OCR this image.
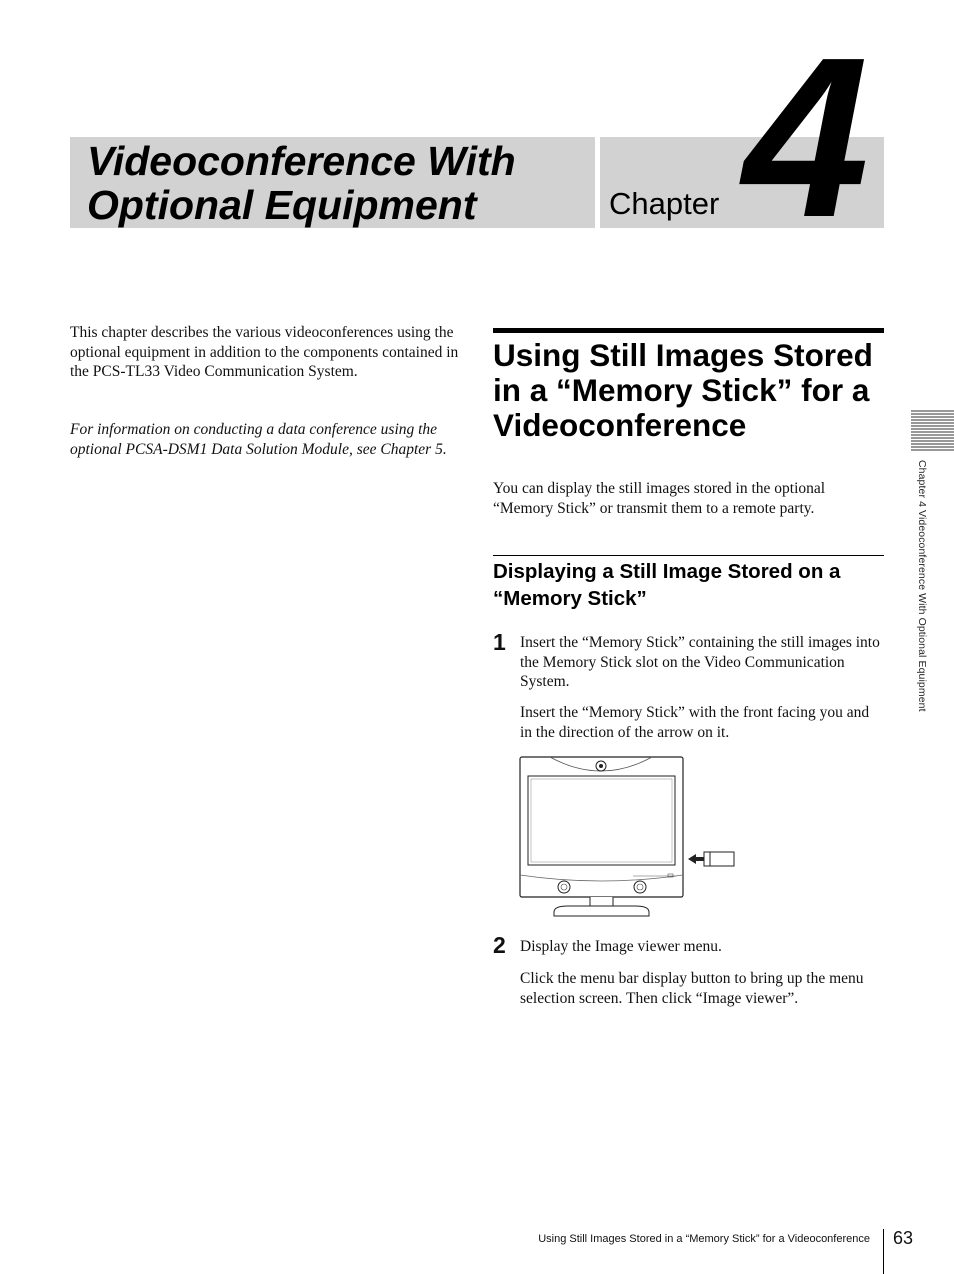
Videoconference With
Optional Equipment	Chapter 4
This chapter describes the various videoconferences using the optional equipment in addition to the components contained in the PCS-TL33 Video Communication System.
For information on conducting a data conference using the optional PCSA-DSM1 Data Solution Module, see Chapter 5.
Using Still Images Stored in a “Memory Stick” for a Videoconference
You can display the still images stored in the optional “Memory Stick” or transmit them to a remote party.
Displaying a Still Image Stored on a “Memory Stick”
1 Insert the “Memory Stick” containing the still images into the Memory Stick slot on the Video Communication System.
Insert the “Memory Stick” with the front facing you and in the direction of the arrow on it.
2 Display the Image viewer menu.
Click the menu bar display button to bring up the menu selection screen. Then click “Image viewer”.
Chapter 4 Videoconference With Optional Equipment
Using Still Images Stored in a “Memory Stick” for a Videoconference 63
